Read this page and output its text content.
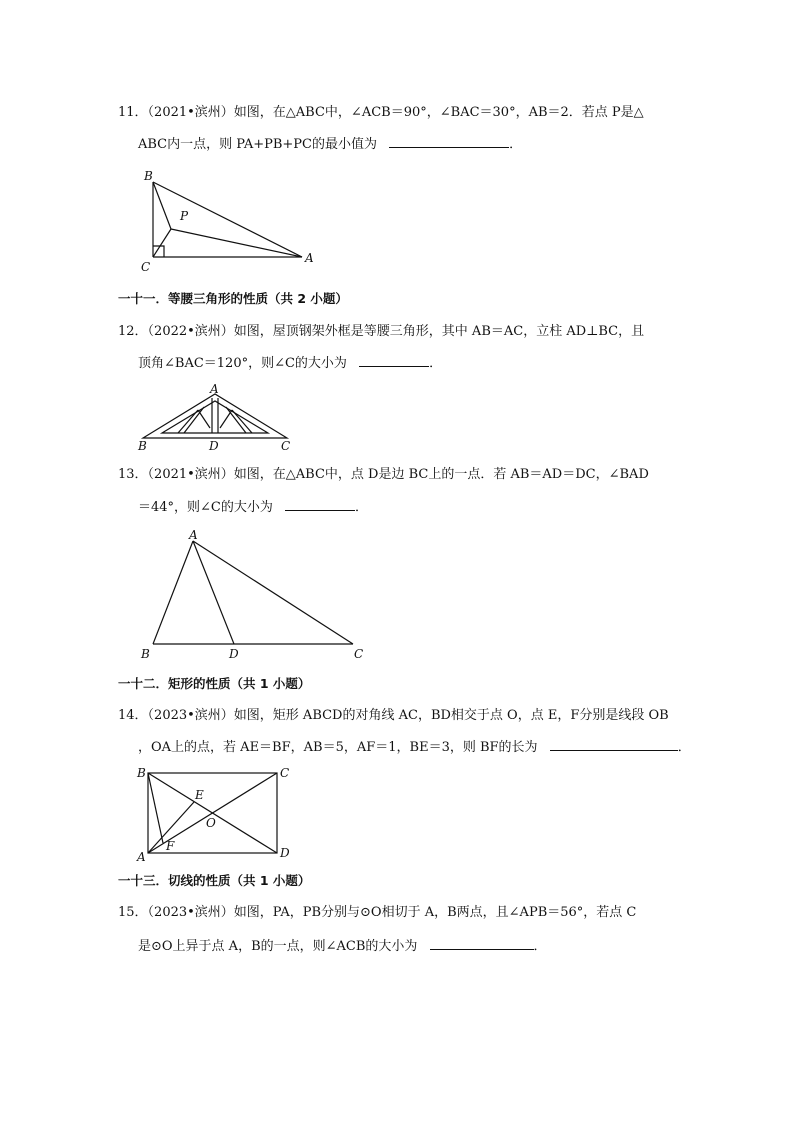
11．（2021•滨州）如图，在△ABC中，∠ACB＝90°，∠BAC＝30°，AB＝2．若点 P是△
ABC内一点，则 PA+PB+PC的最小值为	．
B
C
A
P
一十一．等腰三角形的性质（共 2 小题）
12．（2022•滨州）如图，屋顶钢架外框是等腰三角形，其中 AB＝AC，立柱 AD⊥BC，且
顶角∠BAC＝120°，则∠C的大小为	．
A
B	D	C
13．（2021•滨州）如图，在△ABC中，点 D是边 BC上的一点．若 AB＝AD＝DC，∠BAD
＝44°，则∠C的大小为	．
A
B	D	C
一十二．矩形的性质（共 1 小题）
14．（2023•滨州）如图，矩形 ABCD的对角线 AC，BD相交于点 O，点 E，F分别是线段 OB
，OA上的点，若 AE＝BF，AB＝5，AF＝1，BE＝3，则 BF的长为	．
B	C
A	D
E
O
F
一十三．切线的性质（共 1 小题）
15．（2023•滨州）如图，PA，PB分别与⊙O相切于 A，B两点，且∠APB＝56°，若点 C
是⊙O上异于点 A，B的一点，则∠ACB的大小为	．
